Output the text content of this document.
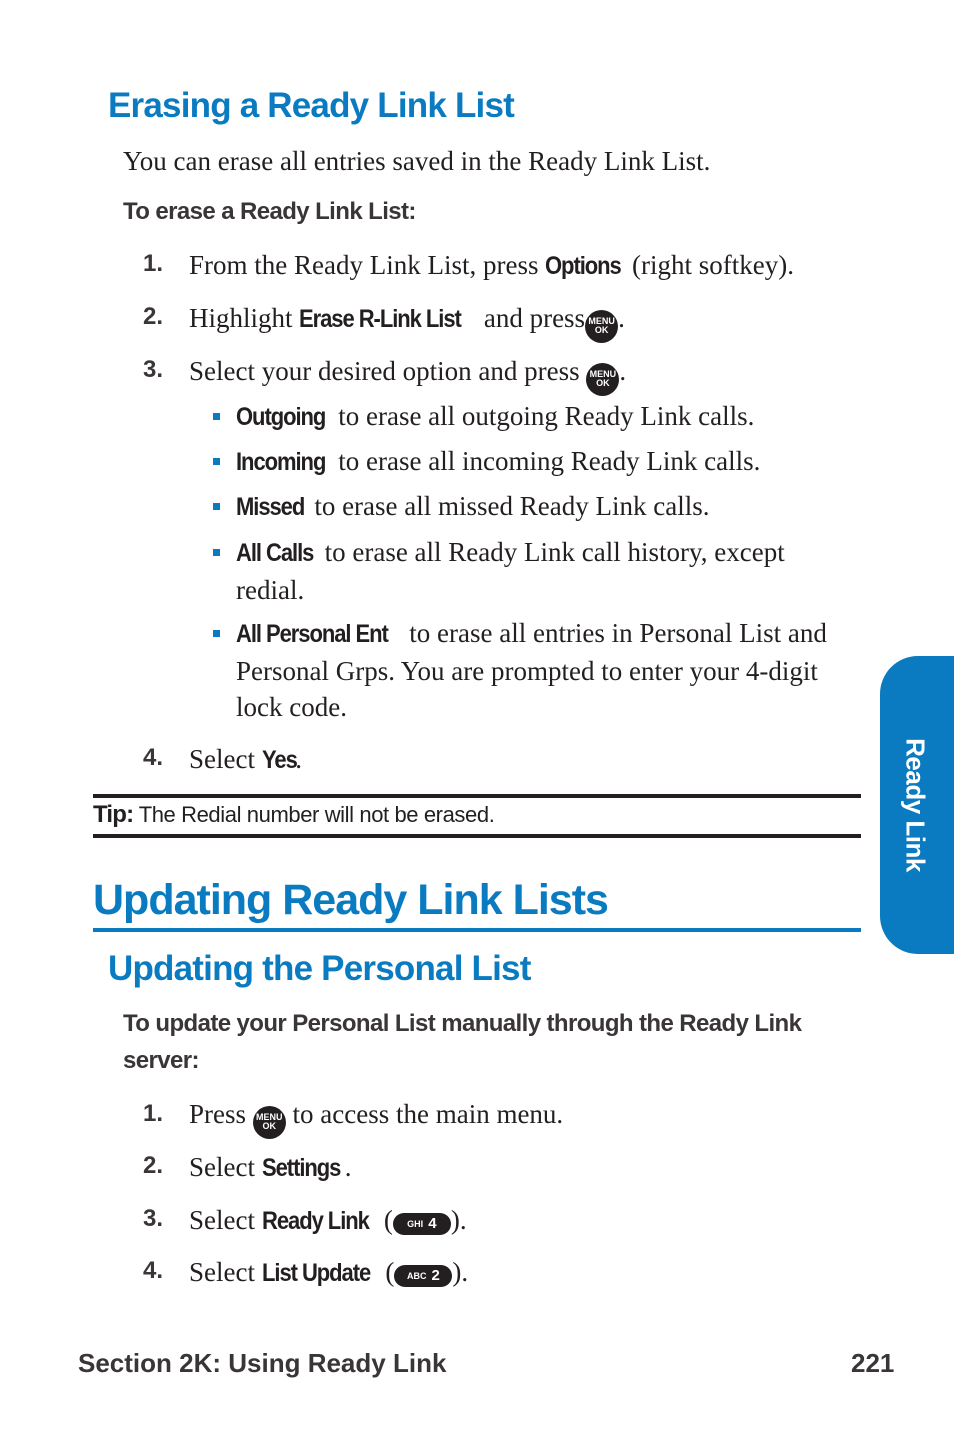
Erasing a Ready Link List
You can erase all entries saved in the Ready Link List.
To erase a Ready Link List:
1. From the Ready Link List, press Options (right softkey).
2. Highlight Erase R-Link List and press MENU
OK .
3. Select your desired option and press MENU
OK .
Outgoing to erase all outgoing Ready Link calls.
Incoming to erase all incoming Ready Link calls.
Missed to erase all missed Ready Link calls.
All Calls to erase all Ready Link call history, except redial.
All Personal Ent to erase all entries in Personal List and Personal Grps. You are prompted to enter your 4-digit lock code.
4. Select Yes.
Tip: The Redial number will not be erased.
Updating Ready Link Lists
Updating the Personal List
To update your Personal List manually through the Ready Link server:
1. Press MENU
OK to access the main menu.
2. Select Settings .
3. Select Ready Link ( GHI 4 ).
4. Select List Update ( ABC 2 ).
Ready Link
Section 2K: Using Ready Link	221
